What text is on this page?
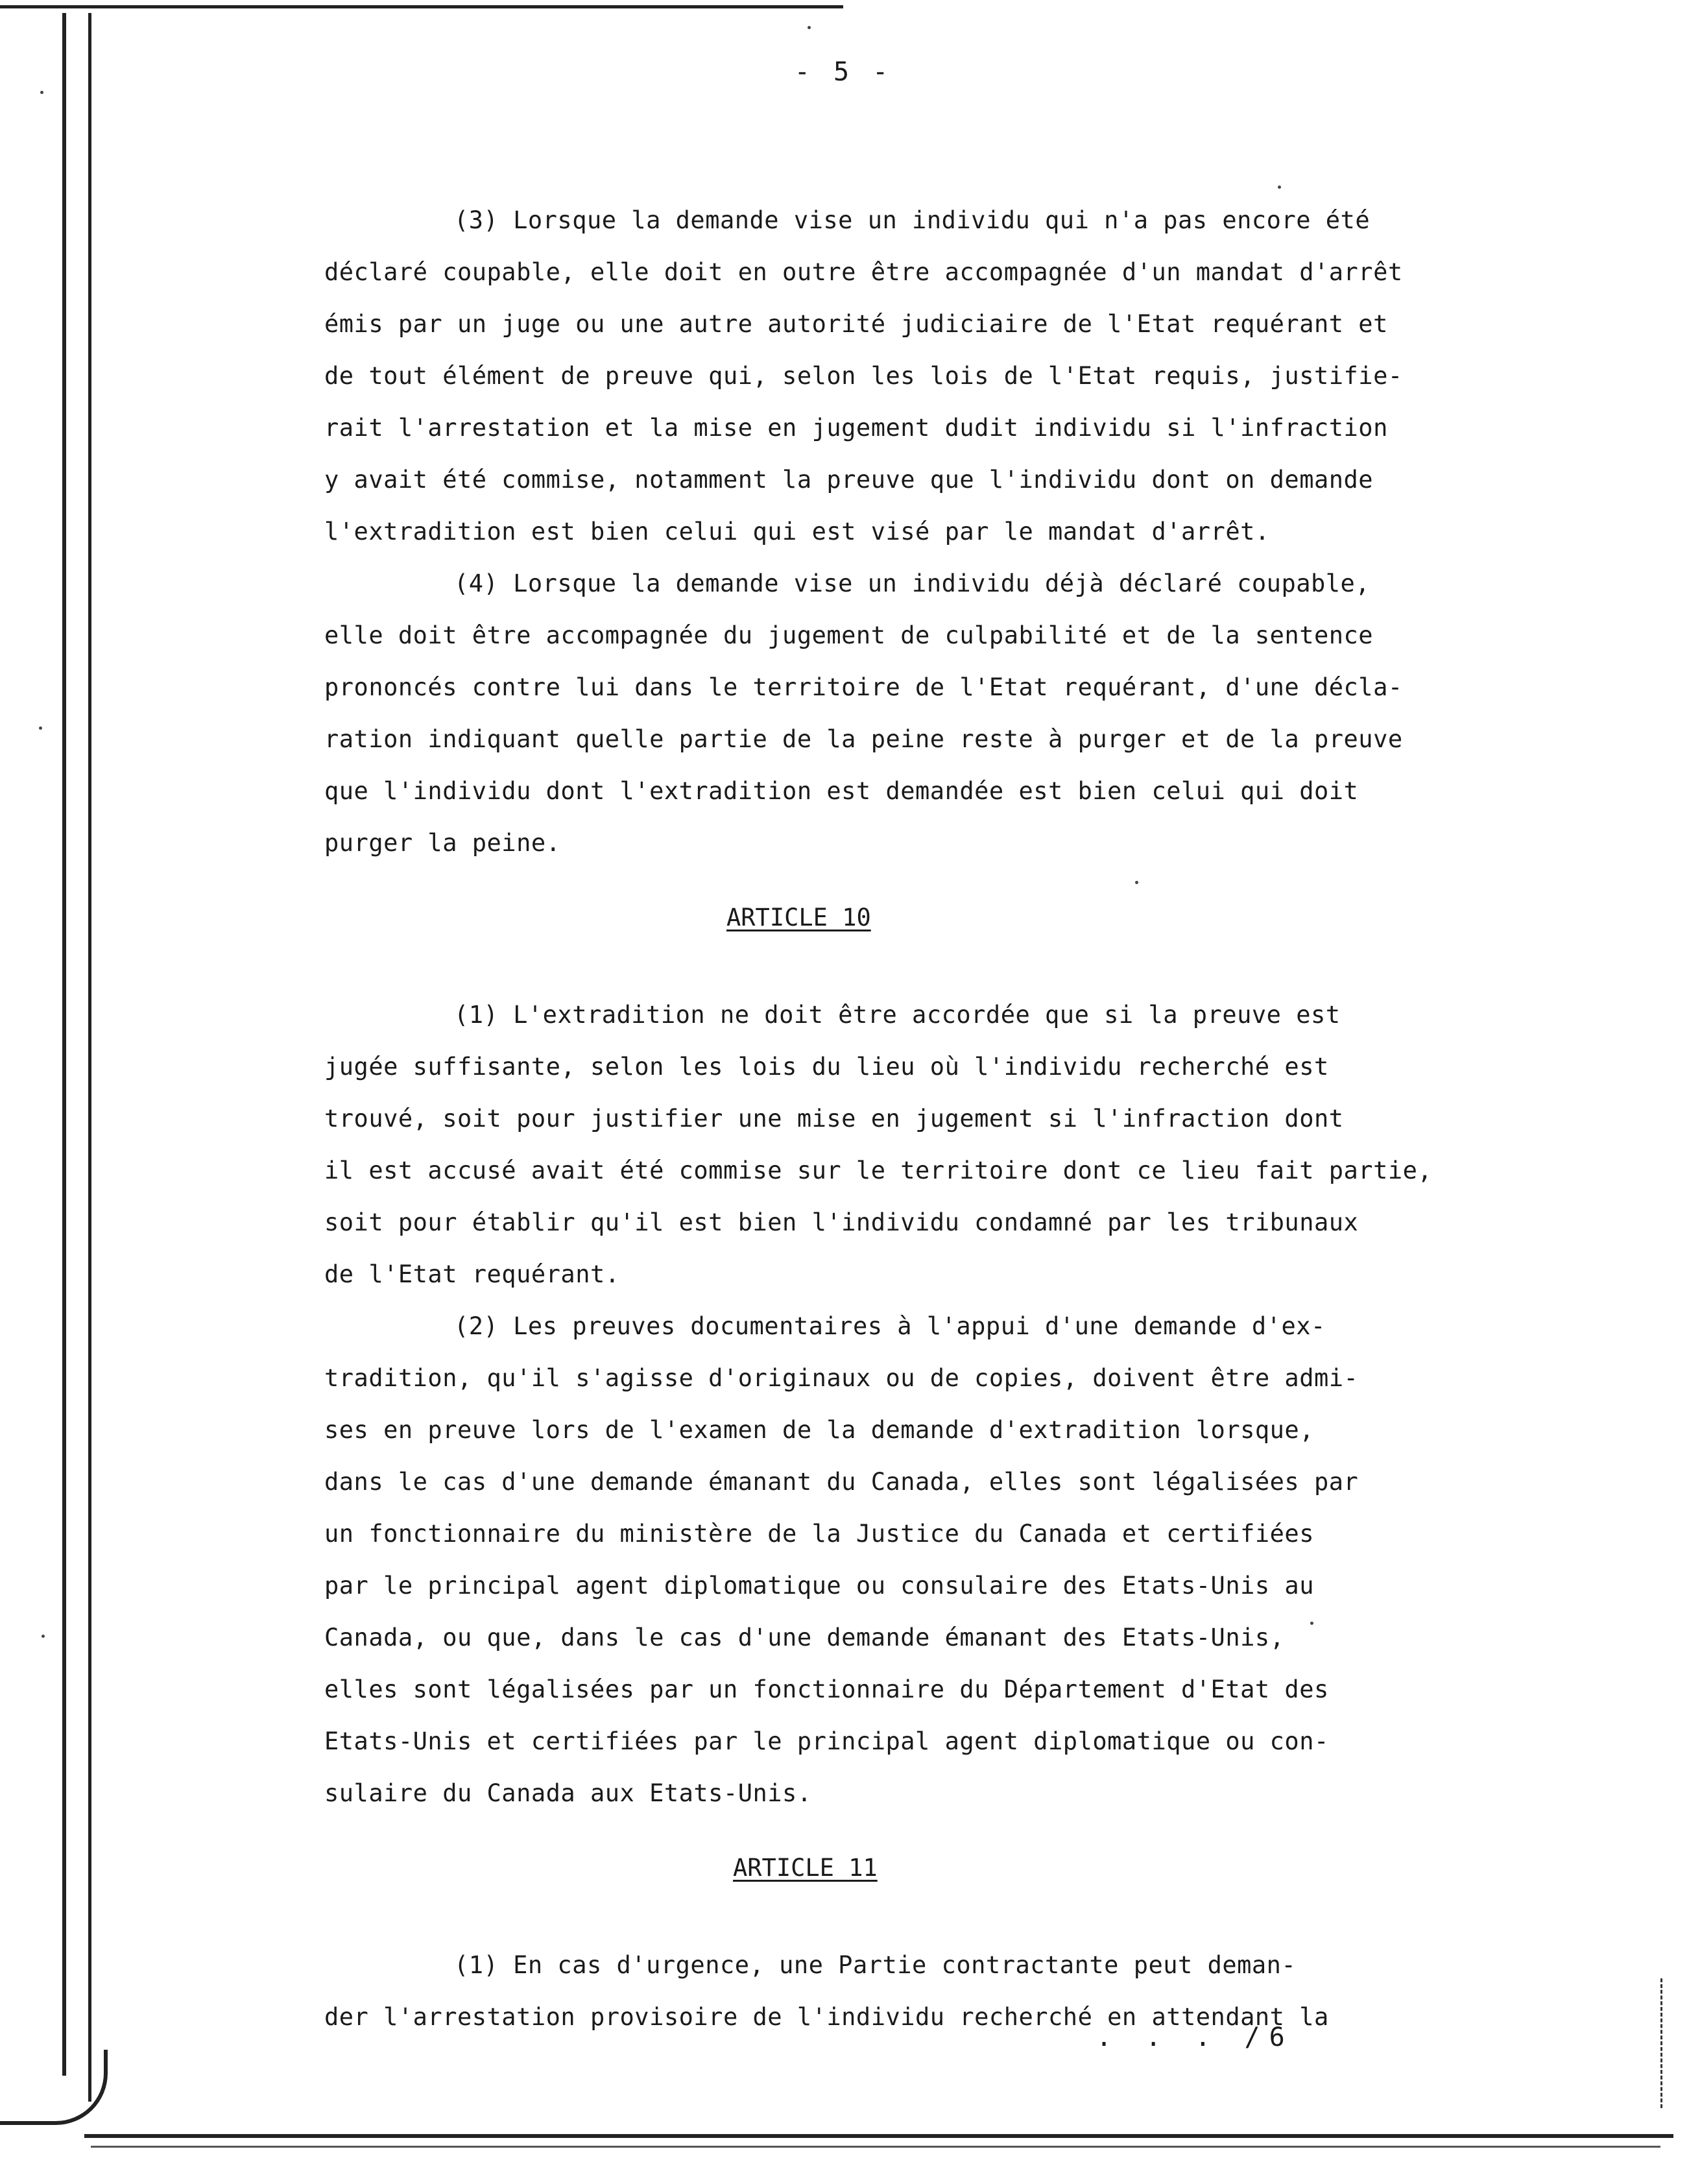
- 5 -
(3) Lorsque la demande vise un individu qui n'a pas encore été
déclaré coupable, elle doit en outre être accompagnée d'un mandat d'arrêt
émis par un juge ou une autre autorité judiciaire de l'Etat requérant et
de tout élément de preuve qui, selon les lois de l'Etat requis, justifie-
rait l'arrestation et la mise en jugement dudit individu si l'infraction
y avait été commise, notamment la preuve que l'individu dont on demande
l'extradition est bien celui qui est visé par le mandat d'arrêt.
(4) Lorsque la demande vise un individu déjà déclaré coupable,
elle doit être accompagnée du jugement de culpabilité et de la sentence
prononcés contre lui dans le territoire de l'Etat requérant, d'une décla-
ration indiquant quelle partie de la peine reste à purger et de la preuve
que l'individu dont l'extradition est demandée est bien celui qui doit
purger la peine.
ARTICLE 10
(1) L'extradition ne doit être accordée que si la preuve est
jugée suffisante, selon les lois du lieu où l'individu recherché est
trouvé, soit pour justifier une mise en jugement si l'infraction dont
il est accusé avait été commise sur le territoire dont ce lieu fait partie,
soit pour établir qu'il est bien l'individu condamné par les tribunaux
de l'Etat requérant.
(2) Les preuves documentaires à l'appui d'une demande d'ex-
tradition, qu'il s'agisse d'originaux ou de copies, doivent être admi-
ses en preuve lors de l'examen de la demande d'extradition lorsque,
dans le cas d'une demande émanant du Canada, elles sont légalisées par
un fonctionnaire du ministère de la Justice du Canada et certifiées
par le principal agent diplomatique ou consulaire des Etats-Unis au
Canada, ou que, dans le cas d'une demande émanant des Etats-Unis,
elles sont légalisées par un fonctionnaire du Département d'Etat des
Etats-Unis et certifiées par le principal agent diplomatique ou con-
sulaire du Canada aux Etats-Unis.
ARTICLE 11
(1) En cas d'urgence, une Partie contractante peut deman-
der l'arrestation provisoire de l'individu recherché en attendant la
. . . /6
